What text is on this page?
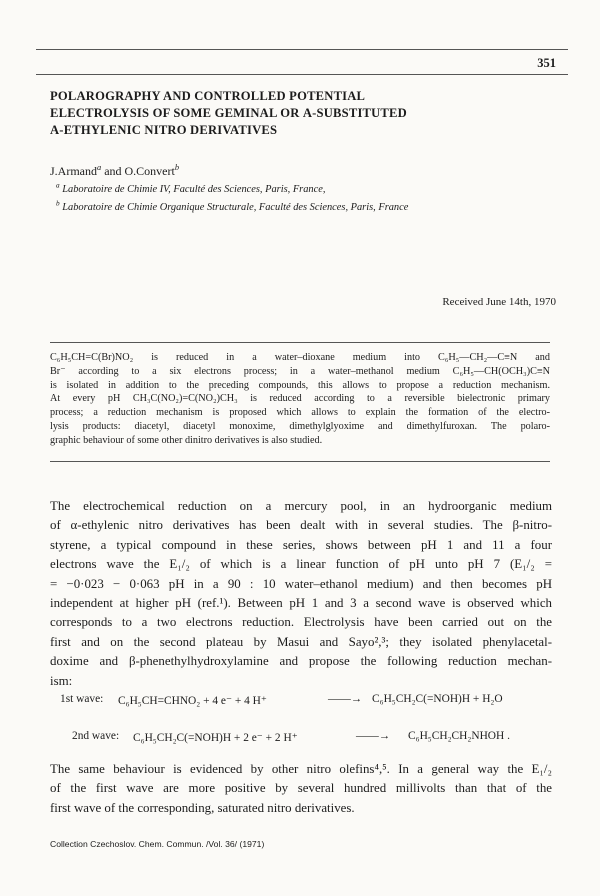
351
POLAROGRAPHY AND CONTROLLED POTENTIAL
ELECTROLYSIS OF SOME GEMINAL OR Α-SUBSTITUTED
Α-ETHYLENIC NITRO DERIVATIVES
J.Armand$^a$ and O.Convert$^b$
$^a$ Laboratoire de Chimie IV, Faculté des Sciences, Paris, France,
$^b$ Laboratoire de Chimie Organique Structurale, Faculté des Sciences, Paris, France
Received June 14th, 1970
C₆H₅CH=C(Br)NO₂ is reduced in a water–dioxane medium into C₆H₅—CH₂—C≡N and
Br⁻ according to a six electrons process; in a water–methanol medium C₆H₅—CH(OCH₃)C≡N
is isolated in addition to the preceding compounds, this allows to propose a reduction mechanism.
At every pH CH₃C(NO₂)=C(NO₂)CH₃ is reduced according to a reversible bielectronic primary
process; a reduction mechanism is proposed which allows to explain the formation of the electro-
lysis products: diacetyl, diacetyl monoxime, dimethylglyoxime and dimethylfuroxan. The polaro-
graphic behaviour of some other dinitro derivatives is also studied.
The electrochemical reduction on a mercury pool, in an hydroorganic medium
of α-ethylenic nitro derivatives has been dealt with in several studies. The β-nitro-
styrene, a typical compound in these series, shows between pH 1 and 11 a four
electrons wave the E₁/₂ of which is a linear function of pH unto pH 7 (E₁/₂ =
= −0·023 − 0·063 pH in a 90 : 10 water–ethanol medium) and then becomes pH
independent at higher pH (ref.¹). Between pH 1 and 3 a second wave is observed which
corresponds to a two electrons reduction. Electrolysis have been carried out on the
first and on the second plateau by Masui and Sayo²,³; they isolated phenylacetal-
doxime and β-phenethylhydroxylamine and propose the following reduction mechan-
ism:
1st wave: C₆H₅CH=CHNO₂ + 4 e⁻ + 4 H⁺	——→ C₆H₅CH₂C(=NOH)H + H₂O
2nd wave: C₆H₅CH₂C(=NOH)H + 2 e⁻ + 2 H⁺	——→ C₆H₅CH₂CH₂NHOH .
The same behaviour is evidenced by other nitro olefins⁴,⁵. In a general way the E₁/₂
of the first wave are more positive by several hundred millivolts than that of the
first wave of the corresponding, saturated nitro derivatives.
Collection Czechoslov. Chem. Commun. /Vol. 36/ (1971)
